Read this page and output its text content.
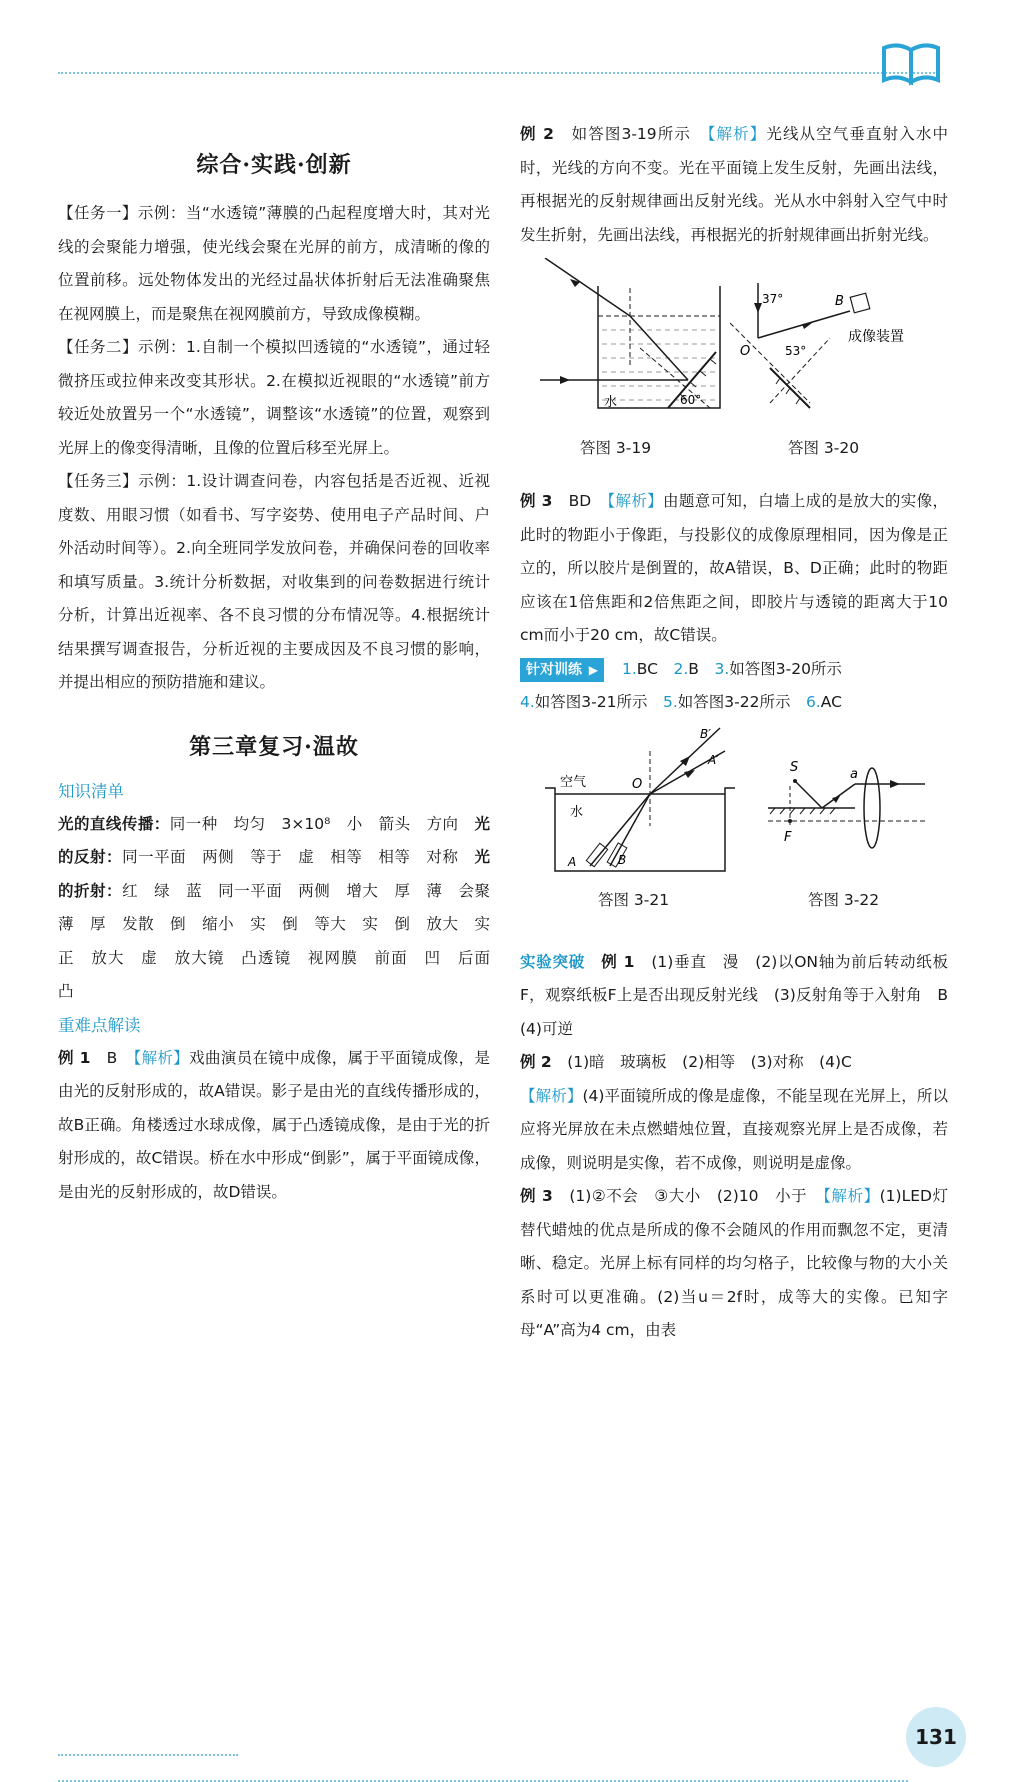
131

综合·实践·创新

【任务一】示例：当“水透镜”薄膜的凸起程度增大时，其对光线的会聚能力增强，使光线会聚在光屏的前方，成清晰的像的位置前移。远处物体发出的光经过晶状体折射后无法准确聚焦在视网膜上，而是聚焦在视网膜前方，导致成像模糊。

【任务二】示例：1.自制一个模拟凹透镜的“水透镜”，通过轻微挤压或拉伸来改变其形状。2.在模拟近视眼的“水透镜”前方较近处放置另一个“水透镜”，调整该“水透镜”的位置，观察到光屏上的像变得清晰，且像的位置后移至光屏上。

【任务三】示例：1.设计调查问卷，内容包括是否近视、近视度数、用眼习惯（如看书、写字姿势、使用电子产品时间、户外活动时间等）。2.向全班同学发放问卷，并确保问卷的回收率和填写质量。3.统计分析数据，对收集到的问卷数据进行统计分析，计算出近视率、各不良习惯的分布情况等。4.根据统计结果撰写调查报告，分析近视的主要成因及不良习惯的影响，并提出相应的预防措施和建议。

第三章复习·温故

知识清单

光的直线传播：同一种　均匀　3×10⁸　小　箭头　方向　光的反射：同一平面　两侧　等于　虚　相等　相等　对称　光的折射：红　绿　蓝　同一平面　两侧　增大　厚　薄　会聚　薄　厚　发散　倒　缩小　实　倒　等大　实　倒　放大　实　正　放大　虚　放大镜　凸透镜　视网膜　前面　凹　后面　凸

重难点解读

例 1　 B　 【解析】戏曲演员在镜中成像，属于平面镜成像，是由光的反射形成的，故A错误。影子是由光的直线传播形成的，故B正确。角楼透过水球成像，属于凸透镜成像，是由于光的折射形成的，故C错误。桥在水中形成“倒影”，属于平面镜成像，是由光的反射形成的，故D错误。

例 2　 如答图3-19所示　 【解析】光线从空气垂直射入水中时，光线的方向不变。光在平面镜上发生反射，先画出法线，再根据光的反射规律画出反射光线。光从水中斜射入空气中时发生折射，先画出法线，再根据光的折射规律画出折射光线。

水	60°
答图 3-19
37°
53°
O
B
成像装置
答图 3-20

例 3　 BD　 【解析】由题意可知，白墙上成的是放大的实像，此时的物距小于像距，与投影仪的成像原理相同，因为像是正立的，所以胶片是倒置的，故A错误，B、D正确；此时的物距应该在1倍焦距和2倍焦距之间，即胶片与透镜的距离大于10 cm而小于20 cm，故C错误。

针对训练 ▶ 1.BC　 2.B　 3.如答图3-20所示

4.如答图3-21所示　 5.如答图3-22所示　 6.AC

空气
水
O
A	B
B′
A′
答图 3-21
S
F
a
答图 3-22

实验突破　 例 1　 (1)垂直　漫　(2)以ON轴为前后转动纸板F，观察纸板F上是否出现反射光线　(3)反射角等于入射角　B　(4)可逆

例 2　 (1)暗　玻璃板　(2)相等　(3)对称　(4)C
【解析】(4)平面镜所成的像是虚像，不能呈现在光屏上，所以应将光屏放在未点燃蜡烛位置，直接观察光屏上是否成像，若成像，则说明是实像，若不成像，则说明是虚像。

例 3　 (1)②不会　③大小　(2)10　小于　 【解析】(1)LED灯替代蜡烛的优点是所成的像不会随风的作用而飘忽不定，更清晰、稳定。光屏上标有同样的均匀格子，比较像与物的大小关系时可以更准确。(2)当u＝2f时，成等大的实像。已知字母“A”高为4 cm，由表
